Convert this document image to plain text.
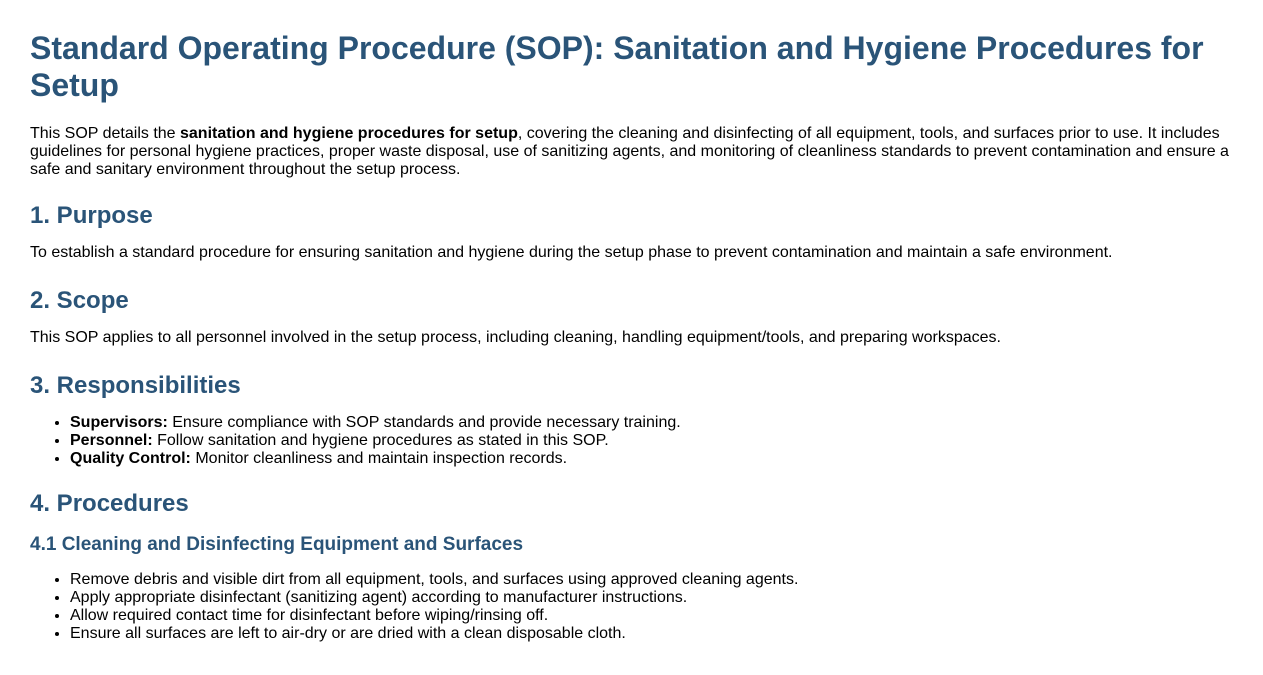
Standard Operating Procedure (SOP): Sanitation and Hygiene Procedures for Setup

This SOP details the sanitation and hygiene procedures for setup, covering the cleaning and disinfecting of all equipment, tools, and surfaces prior to use. It includes guidelines for personal hygiene practices, proper waste disposal, use of sanitizing agents, and monitoring of cleanliness standards to prevent contamination and ensure a safe and sanitary environment throughout the setup process.

1. Purpose

To establish a standard procedure for ensuring sanitation and hygiene during the setup phase to prevent contamination and maintain a safe environment.

2. Scope

This SOP applies to all personnel involved in the setup process, including cleaning, handling equipment/tools, and preparing workspaces.

3. Responsibilities
• Supervisors: Ensure compliance with SOP standards and provide necessary training.
• Personnel: Follow sanitation and hygiene procedures as stated in this SOP.
• Quality Control: Monitor cleanliness and maintain inspection records.
4. Procedures
4.1 Cleaning and Disinfecting Equipment and Surfaces
• Remove debris and visible dirt from all equipment, tools, and surfaces using approved cleaning agents.
• Apply appropriate disinfectant (sanitizing agent) according to manufacturer instructions.
• Allow required contact time for disinfectant before wiping/rinsing off.
• Ensure all surfaces are left to air-dry or are dried with a clean disposable cloth.
